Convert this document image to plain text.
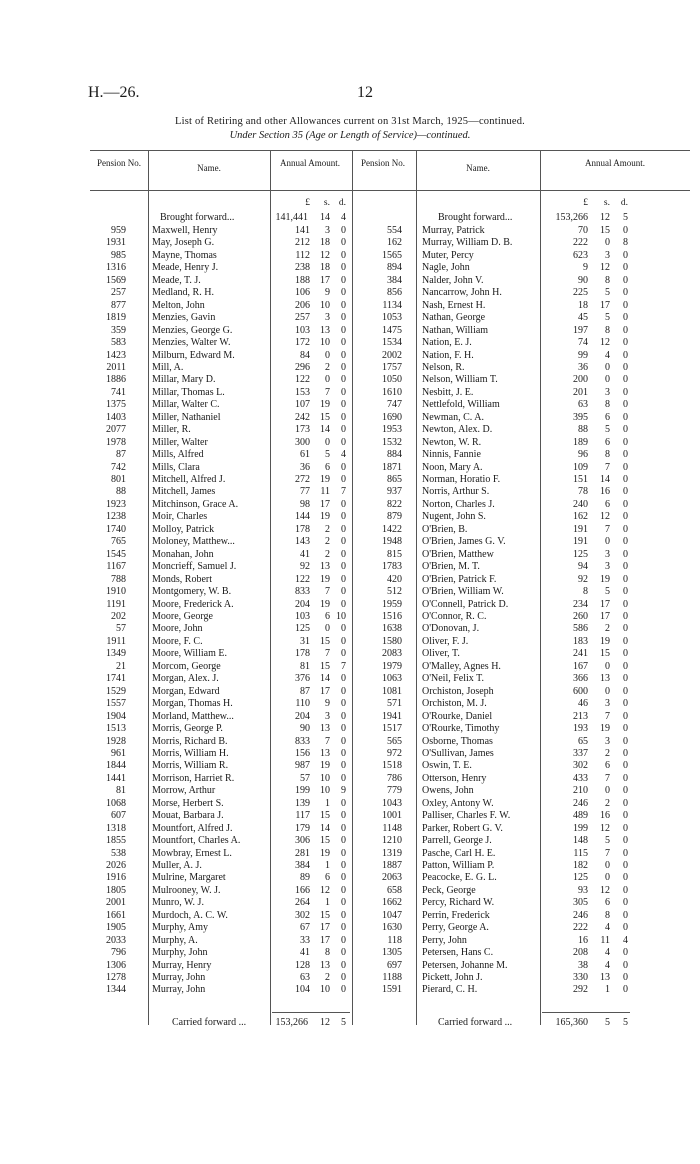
H.—26.	12
List of Retiring and other Allowances current on 31st March, 1925—continued.
Under Section 35 (Age or Length of Service)—continued.
Pension No.	Name.	Annual Amount.	Pension No.	Name.	Annual Amount.
£	s. d.	£	s.	d.
959	Maxwell, Henry	141	3	0
1931	May, Joseph G.	212	18	0
985	Mayne, Thomas	112	12	0
1316	Meade, Henry J.	238	18	0
1569	Meade, T. J.	188	17	0
257	Medland, R. H.	106	9	0
877	Melton, John	206	10	0
1819	Menzies, Gavin	257	3	0
359	Menzies, George G.	103	13	0
583	Menzies, Walter W.	172	10	0
1423	Milburn, Edward M.	84	0	0
2011	Mill, A.	296	2	0
1886	Millar, Mary D.	122	0	0
741	Millar, Thomas L.	153	7	0
1375	Millar, Walter C.	107	19	0
1403	Miller, Nathaniel	242	15	0
2077	Miller, R.	173	14	0
1978	Miller, Walter	300	0	0
87	Mills, Alfred	61	5	4
742	Mills, Clara	36	6	0
801	Mitchell, Alfred J.	272	19	0
88	Mitchell, James	77	11	7
1923	Mitchinson, Grace A.	98	17	0
1238	Moir, Charles	144	19	0
1740	Molloy, Patrick	178	2	0
765	Moloney, Matthew...	143	2	0
1545	Monahan, John	41	2	0
1167	Moncrieff, Samuel J.	92	13	0
788	Monds, Robert	122	19	0
1910	Montgomery, W. B.	833	7	0
1191	Moore, Frederick A.	204	19	0
202	Moore, George	103	6 10
57	Moore, John	125	0	0
1911	Moore, F. C.	31	15	0
1349	Moore, William E.	178	7	0
21	Morcom, George	81	15	7
1741	Morgan, Alex. J.	376	14	0
1529	Morgan, Edward	87	17	0
1557	Morgan, Thomas H.	110	9	0
1904	Morland, Matthew...	204	3	0
1513	Morris, George P.	90	13	0
1928	Morris, Richard B.	833	7	0
961	Morris, William H.	156	13	0
1844	Morris, William R.	987	19	0
1441	Morrison, Harriet R.	57	10	0
81	Morrow, Arthur	199	10	9
1068	Morse, Herbert S.	139	1	0
607	Mouat, Barbara J.	117	15	0
1318	Mountfort, Alfred J.	179	14	0
1855	Mountfort, Charles A.	306	15	0
538	Mowbray, Ernest L.	281	19	0
2026	Muller, A. J.	384	1	0
1916	Mulrine, Margaret	89	6	0
1805	Mulrooney, W. J.	166	12	0
2001	Munro, W. J.	264	1	0
1661	Murdoch, A. C. W.	302	15	0
1905	Murphy, Amy	67	17	0
2033	Murphy, A.	33	17	0
796	Murphy, John	41	8	0
1306	Murray, Henry	128	13	0
1278	Murray, John	63	2	0
1344	Murray, John	104	10	0
554 Murray, Patrick	70	15	0
162 Murray, William D. B.	222	0	8
1565 Muter, Percy	623	3	0
894 Nagle, John	9	12	0
384 Nalder, John V.	90	8	0
856 Nancarrow, John H.	225	5	0
1134 Nash, Ernest H.	18	17	0
1053 Nathan, George	45	5	0
1475 Nathan, William	197	8	0
1534 Nation, E. J.	74	12	0
2002 Nation, F. H.	99	4	0
1757 Nelson, R.	36	0	0
1050 Nelson, William T.	200	0	0
1610 Nesbitt, J. E.	201	3	0
747 Nettlefold, William	63	8	0
1690 Newman, C. A.	395	6	0
1953 Newton, Alex. D.	88	5	0
1532 Newton, W. R.	189	6	0
884 Ninnis, Fannie	96	8	0
1871 Noon, Mary A.	109	7	0
865 Norman, Horatio F.	151	14	0
937 Norris, Arthur S.	78	16	0
822 Norton, Charles J.	240	6	0
879 Nugent, John S.	162	12	0
1422 O'Brien, B.	191	7	0
1948 O'Brien, James G. V.	191	0	0
815 O'Brien, Matthew	125	3	0
1783 O'Brien, M. T.	94	3	0
420 O'Brien, Patrick F.	92	19	0
512 O'Brien, William W.	8	5	0
1959 O'Connell, Patrick D.	234	17	0
1516 O'Connor, R. C.	260	17	0
1638 O'Donovan, J.	586	2	0
1580 Oliver, F. J.	183	19	0
2083 Oliver, T.	241	15	0
1979 O'Malley, Agnes H.	167	0	0
1063 O'Neil, Felix T.	366	13	0
1081 Orchiston, Joseph	600	0	0
571 Orchiston, M. J.	46	3	0
1941 O'Rourke, Daniel	213	7	0
1517 O'Rourke, Timothy	193	19	0
565 Osborne, Thomas	65	3	0
972 O'Sullivan, James	337	2	0
1518 Oswin, T. E.	302	6	0
786 Otterson, Henry	433	7	0
779 Owens, John	210	0	0
1043 Oxley, Antony W.	246	2	0
1001 Palliser, Charles F. W.	489	16	0
1148 Parker, Robert G. V.	199	12	0
1210 Parrell, George J.	148	5	0
1319 Pasche, Carl H. E.	115	7	0
1887 Patton, William P.	182	0	0
2063 Peacocke, E. G. L.	125	0	0
658 Peck, George	93	12	0
1662 Percy, Richard W.	305	6	0
1047 Perrin, Frederick	246	8	0
1630 Perry, George A.	222	4	0
118 Perry, John	16	11	4
1305 Petersen, Hans C.	208	4	0
697 Petersen, Johanne M.	38	4	0
1188 Pickett, John J.	330	13	0
1591 Pierard, C. H.	292	1	0
Brought forward...	141,441	14	4	Brought forward...	153,266	12	5
Carried forward ...	153,266	12	5	Carried forward ...	165,360	5	5
